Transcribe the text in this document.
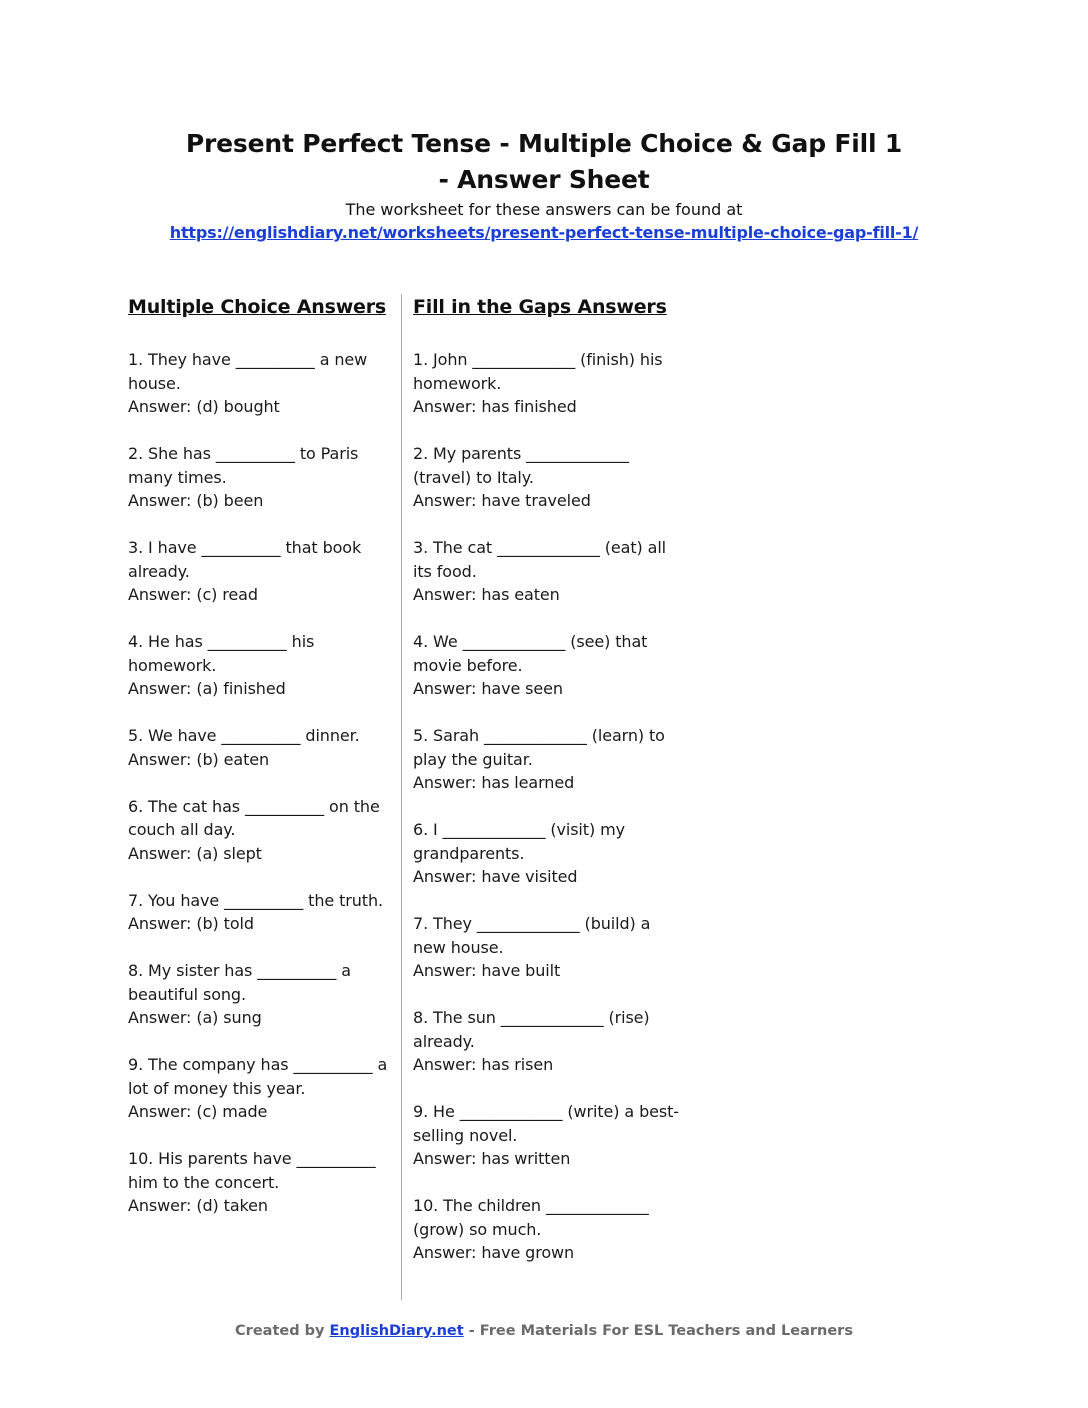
Present Perfect Tense - Multiple Choice & Gap Fill 1
- Answer Sheet
The worksheet for these answers can be found at
https://englishdiary.net/worksheets/present-perfect-tense-multiple-choice-gap-fill-1/
Multiple Choice Answers
1. They have __________ a new house.
Answer: (d) bought
2. She has __________ to Paris many times.
Answer: (b) been
3. I have __________ that book already.
Answer: (c) read
4. He has __________ his homework.
Answer: (a) finished
5. We have __________ dinner.
Answer: (b) eaten
6. The cat has __________ on the couch all day.
Answer: (a) slept
7. You have __________ the truth.
Answer: (b) told
8. My sister has __________ a beautiful song.
Answer: (a) sung
9. The company has __________ a lot of money this year.
Answer: (c) made
10. His parents have __________ him to the concert.
Answer: (d) taken
Fill in the Gaps Answers
1. John _____________ (finish) his homework.
Answer: has finished
2. My parents _____________ (travel) to Italy.
Answer: have traveled
3. The cat _____________ (eat) all its food.
Answer: has eaten
4. We _____________ (see) that movie before.
Answer: have seen
5. Sarah _____________ (learn) to play the guitar.
Answer: has learned
6. I _____________ (visit) my grandparents.
Answer: have visited
7. They _____________ (build) a new house.
Answer: have built
8. The sun _____________ (rise) already.
Answer: has risen
9. He _____________ (write) a best-selling novel.
Answer: has written
10. The children _____________ (grow) so much.
Answer: have grown
Created by EnglishDiary.net - Free Materials For ESL Teachers and Learners
